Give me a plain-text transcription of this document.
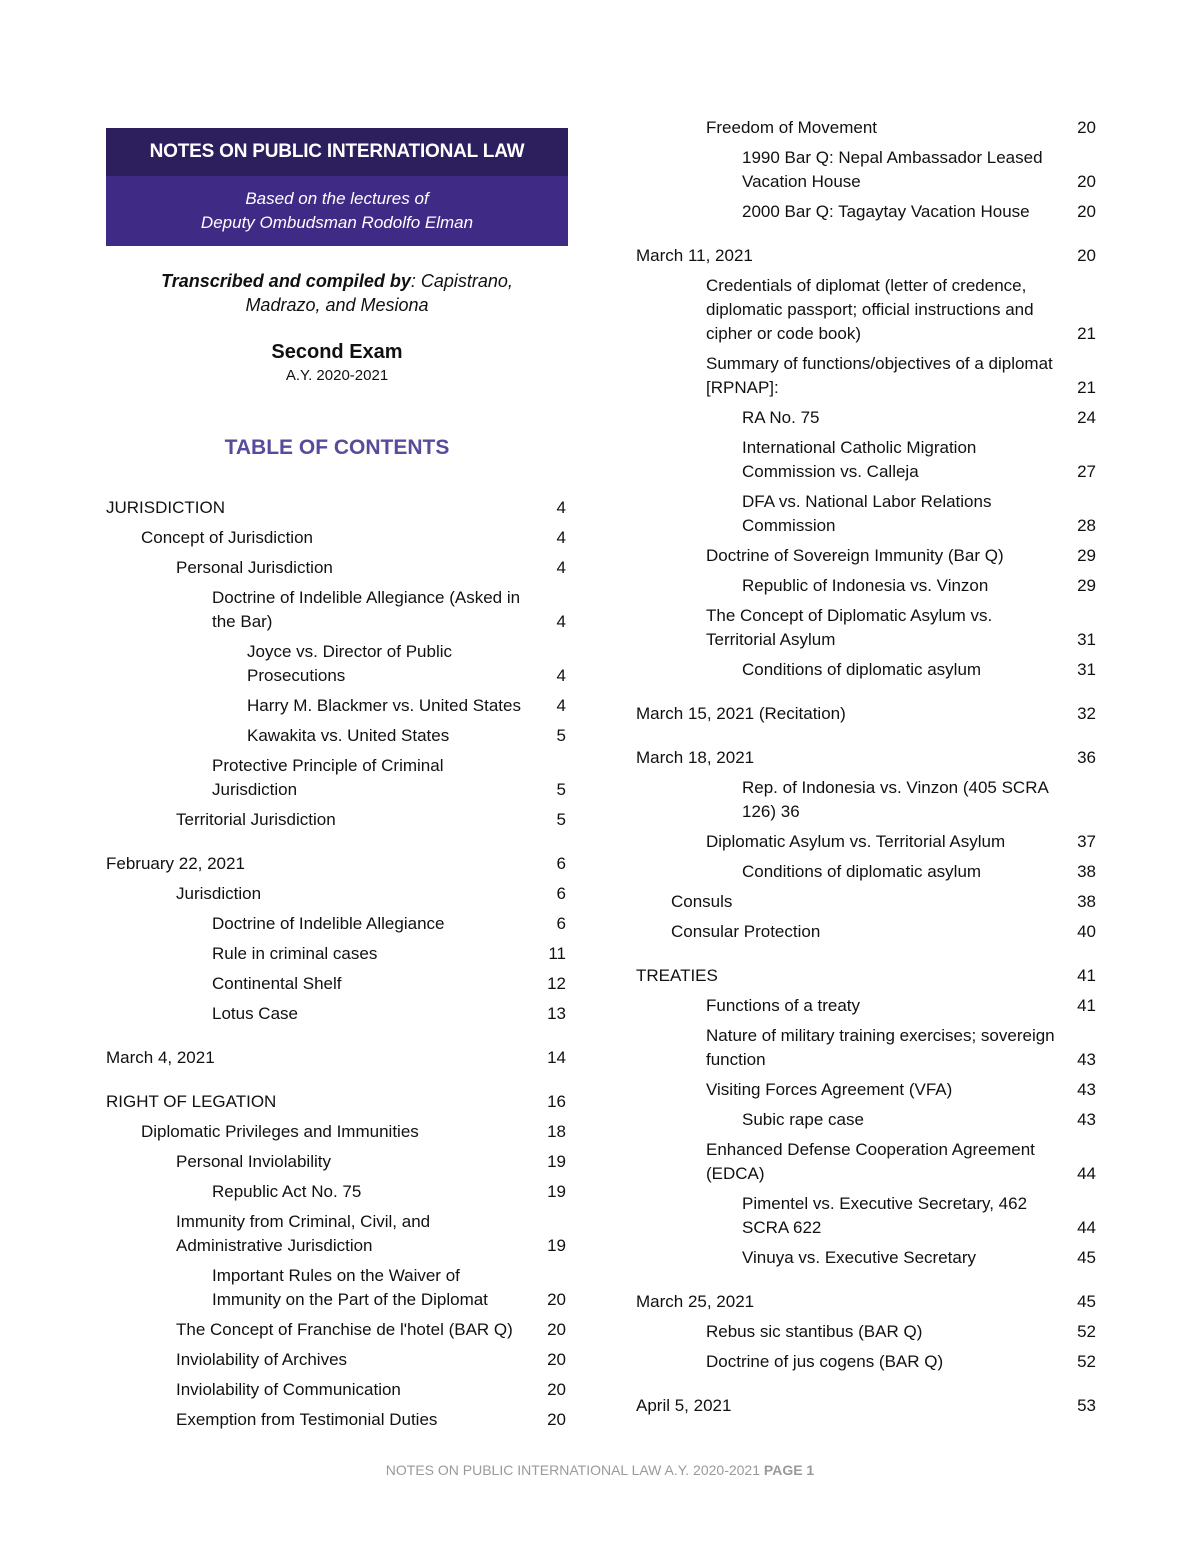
NOTES ON PUBLIC INTERNATIONAL LAW
Based on the lectures of
Deputy Ombudsman Rodolfo Elman
Transcribed and compiled by: Capistrano,
Madrazo, and Mesiona
Second Exam
A.Y. 2020-2021
TABLE OF CONTENTS
JURISDICTION	4
Concept of Jurisdiction	4
Personal Jurisdiction	4
Doctrine of Indelible Allegiance (Asked in the Bar)	4
Joyce vs. Director of Public Prosecutions	4
Harry M. Blackmer vs. United States	4
Kawakita vs. United States	5
Protective Principle of Criminal Jurisdiction	5
Territorial Jurisdiction	5
February 22, 2021	6
Jurisdiction	6
Doctrine of Indelible Allegiance	6
Rule in criminal cases	11
Continental Shelf	12
Lotus Case	13
March 4, 2021	14
RIGHT OF LEGATION	16
Diplomatic Privileges and Immunities	18
Personal Inviolability	19
Republic Act No. 75	19
Immunity from Criminal, Civil, and Administrative Jurisdiction	19
Important Rules on the Waiver of Immunity on the Part of the Diplomat	20
The Concept of Franchise de l'hotel (BAR Q)	20
Inviolability of Archives	20
Inviolability of Communication	20
Exemption from Testimonial Duties	20
Freedom of Movement	20
1990 Bar Q: Nepal Ambassador Leased Vacation House	20
2000 Bar Q: Tagaytay Vacation House	20
March 11, 2021	20
Credentials of diplomat (letter of credence, diplomatic passport; official instructions and cipher or code book)	21
Summary of functions/objectives of a diplomat [RPNAP]:	21
RA No. 75	24
International Catholic Migration Commission vs. Calleja	27
DFA vs. National Labor Relations Commission	28
Doctrine of Sovereign Immunity (Bar Q)	29
Republic of Indonesia vs. Vinzon	29
The Concept of Diplomatic Asylum vs. Territorial Asylum	31
Conditions of diplomatic asylum	31
March 15, 2021 (Recitation)	32
March 18, 2021	36
Rep. of Indonesia vs. Vinzon (405 SCRA 126) 36
Diplomatic Asylum vs. Territorial Asylum	37
Conditions of diplomatic asylum	38
Consuls	38
Consular Protection	40
TREATIES	41
Functions of a treaty	41
Nature of military training exercises; sovereign function	43
Visiting Forces Agreement (VFA)	43
Subic rape case	43
Enhanced Defense Cooperation Agreement (EDCA)	44
Pimentel vs. Executive Secretary, 462 SCRA 622	44
Vinuya vs. Executive Secretary	45
March 25, 2021	45
Rebus sic stantibus (BAR Q)	52
Doctrine of jus cogens (BAR Q)	52
April 5, 2021	53
NOTES ON PUBLIC INTERNATIONAL LAW A.Y. 2020-2021 PAGE 1
